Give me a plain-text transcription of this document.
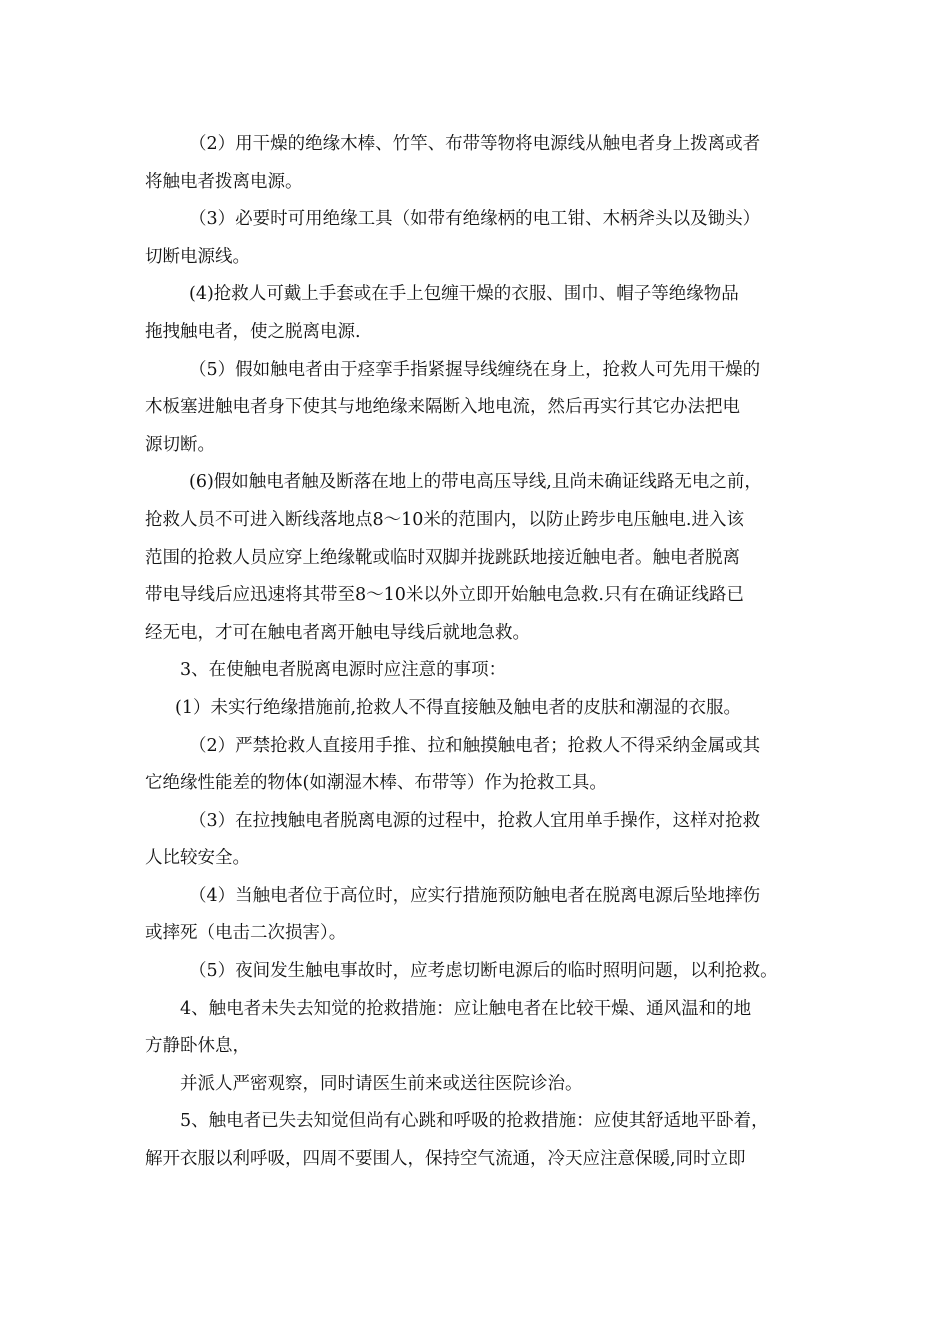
（2）用干燥的绝缘木棒、竹竿、布带等物将电源线从触电者身上拨离或者
将触电者拨离电源。
（3）必要时可用绝缘工具（如带有绝缘柄的电工钳、木柄斧头以及锄头）
切断电源线。
(4)抢救人可戴上手套或在手上包缠干燥的衣服、围巾、帽子等绝缘物品
拖拽触电者，使之脱离电源.
（5）假如触电者由于痉挛手指紧握导线缠绕在身上，抢救人可先用干燥的
木板塞进触电者身下使其与地绝缘来隔断入地电流，然后再实行其它办法把电
源切断。
(6)假如触电者触及断落在地上的带电高压导线,且尚未确证线路无电之前，
抢救人员不可进入断线落地点8～10米的范围内，以防止跨步电压触电.进入该
范围的抢救人员应穿上绝缘靴或临时双脚并拢跳跃地接近触电者。触电者脱离
带电导线后应迅速将其带至8～10米以外立即开始触电急救.只有在确证线路已
经无电，才可在触电者离开触电导线后就地急救。
3、在使触电者脱离电源时应注意的事项：
(1）未实行绝缘措施前,抢救人不得直接触及触电者的皮肤和潮湿的衣服。
（2）严禁抢救人直接用手推、拉和触摸触电者；抢救人不得采纳金属或其
它绝缘性能差的物体(如潮湿木棒、布带等）作为抢救工具。
（3）在拉拽触电者脱离电源的过程中，抢救人宜用单手操作，这样对抢救
人比较安全。
（4）当触电者位于高位时，应实行措施预防触电者在脱离电源后坠地摔伤
或摔死（电击二次损害）。
（5）夜间发生触电事故时，应考虑切断电源后的临时照明问题，以利抢救。
4、触电者未失去知觉的抢救措施：应让触电者在比较干燥、通风温和的地
方静卧休息，
并派人严密观察，同时请医生前来或送往医院诊治。
5、触电者已失去知觉但尚有心跳和呼吸的抢救措施：应使其舒适地平卧着，
解开衣服以利呼吸，四周不要围人，保持空气流通，冷天应注意保暖,同时立即
